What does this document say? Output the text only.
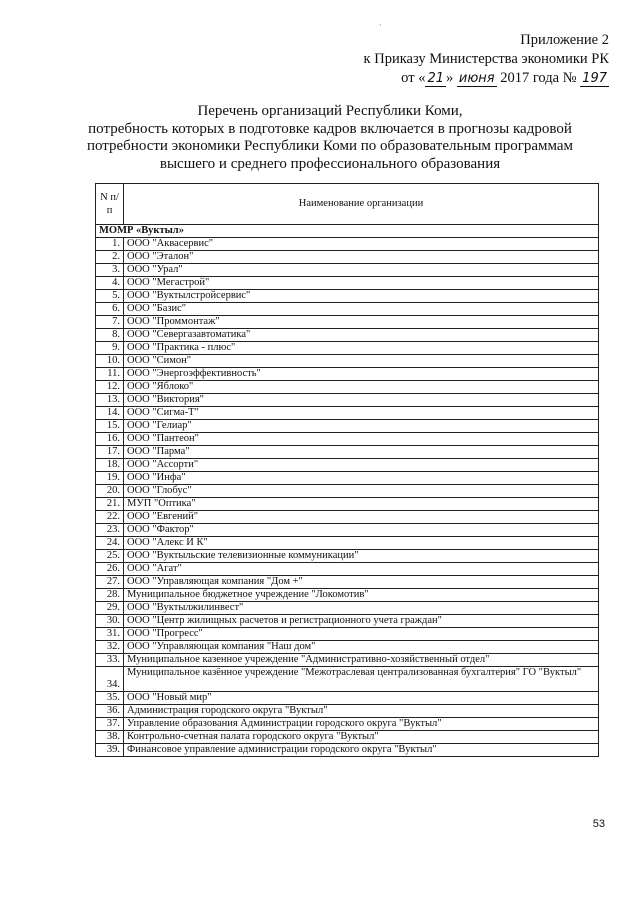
·
Приложение 2
к Приказу Министерства экономики РК
от « 21 » июня 2017 года № 197
Перечень организаций Республики Коми,
потребность которых в подготовке кадров включается в прогнозы кадровой
потребности экономики Республики Коми по образовательным программам
высшего и среднего профессионального образования
N п/п	Наименование организации
МОМР «Вуктыл»	
1.	ООО "Аквасервис"
2.	ООО "Эталон"
3.	ООО "Урал"
4.	ООО "Мегастрой"
5.	ООО "Вуктылстройсервис"
6.	ООО "Базис"
7.	ООО "Проммонтаж"
8.	ООО "Севергазавтоматика"
9.	ООО "Практика - плюс"
10.	ООО "Симон"
11.	ООО "Энергоэффективность"
12.	ООО "Яблоко"
13.	ООО "Виктория"
14.	ООО "Сигма-Т"
15.	ООО "Гелиар"
16.	ООО "Пантеон"
17.	ООО "Парма"
18.	ООО "Ассорти"
19.	ООО "Инфа"
20.	ООО "Глобус"
21.	МУП "Оптика"
22.	ООО "Евгений"
23.	ООО "Фактор"
24.	ООО "Алекс И К"
25.	ООО "Вуктыльские телевизионные коммуникации"
26.	ООО "Агат"
27.	ООО "Управляющая компания "Дом +"
28.	Муниципальное бюджетное учреждение "Локомотив"
29.	ООО "Вуктылжилинвест"
30.	ООО "Центр жилищных расчетов и регистрационного учета граждан"
31.	ООО "Прогресс"
32.	ООО "Управляющая компания "Наш дом"
33.	Муниципальное казенное учреждение "Административно-хозяйственный отдел"
34.	Муниципальное казённое учреждение "Межотраслевая централизованная бухгалтерия" ГО "Вуктыл"
35.	ООО "Новый мир"
36.	Администрация городского округа "Вуктыл"
37.	Управление образования Администрации городского округа "Вуктыл"
38.	Контрольно-счетная палата городского округа "Вуктыл"
39.	Финансовое управление администрации городского округа "Вуктыл"
53
